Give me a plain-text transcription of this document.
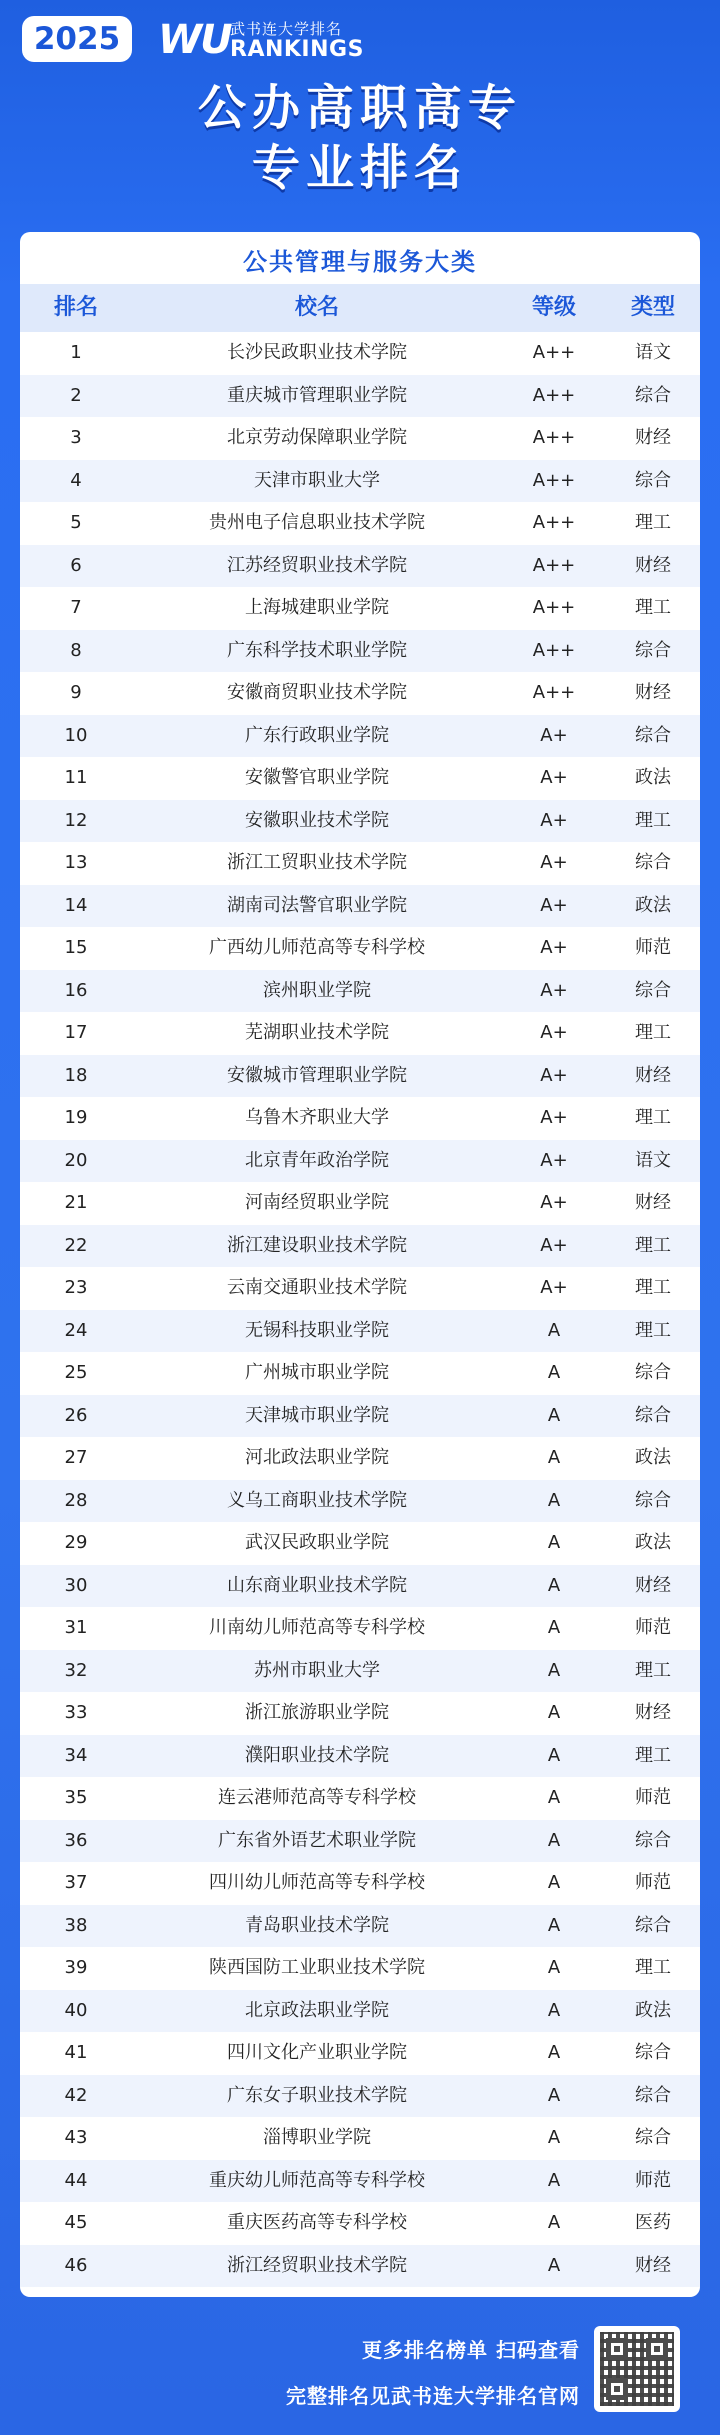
2025 WU 武书连大学排名
RANKINGS
公办高职高专
专业排名
公共管理与服务大类
排名	校名	等级	类型
1	长沙民政职业技术学院	A++	语文
2	重庆城市管理职业学院	A++	综合
3	北京劳动保障职业学院	A++	财经
4	天津市职业大学	A++	综合
5	贵州电子信息职业技术学院	A++	理工
6	江苏经贸职业技术学院	A++	财经
7	上海城建职业学院	A++	理工
8	广东科学技术职业学院	A++	综合
9	安徽商贸职业技术学院	A++	财经
10	广东行政职业学院	A+	综合
11	安徽警官职业学院	A+	政法
12	安徽职业技术学院	A+	理工
13	浙江工贸职业技术学院	A+	综合
14	湖南司法警官职业学院	A+	政法
15	广西幼儿师范高等专科学校	A+	师范
16	滨州职业学院	A+	综合
17	芜湖职业技术学院	A+	理工
18	安徽城市管理职业学院	A+	财经
19	乌鲁木齐职业大学	A+	理工
20	北京青年政治学院	A+	语文
21	河南经贸职业学院	A+	财经
22	浙江建设职业技术学院	A+	理工
23	云南交通职业技术学院	A+	理工
24	无锡科技职业学院	A	理工
25	广州城市职业学院	A	综合
26	天津城市职业学院	A	综合
27	河北政法职业学院	A	政法
28	义乌工商职业技术学院	A	综合
29	武汉民政职业学院	A	政法
30	山东商业职业技术学院	A	财经
31	川南幼儿师范高等专科学校	A	师范
32	苏州市职业大学	A	理工
33	浙江旅游职业学院	A	财经
34	濮阳职业技术学院	A	理工
35	连云港师范高等专科学校	A	师范
36	广东省外语艺术职业学院	A	综合
37	四川幼儿师范高等专科学校	A	师范
38	青岛职业技术学院	A	综合
39	陕西国防工业职业技术学院	A	理工
40	北京政法职业学院	A	政法
41	四川文化产业职业学院	A	综合
42	广东女子职业技术学院	A	综合
43	淄博职业学院	A	综合
44	重庆幼儿师范高等专科学校	A	师范
45	重庆医药高等专科学校	A	医药
46	浙江经贸职业技术学院	A	财经
更多排名榜单 扫码查看
完整排名见武书连大学排名官网
